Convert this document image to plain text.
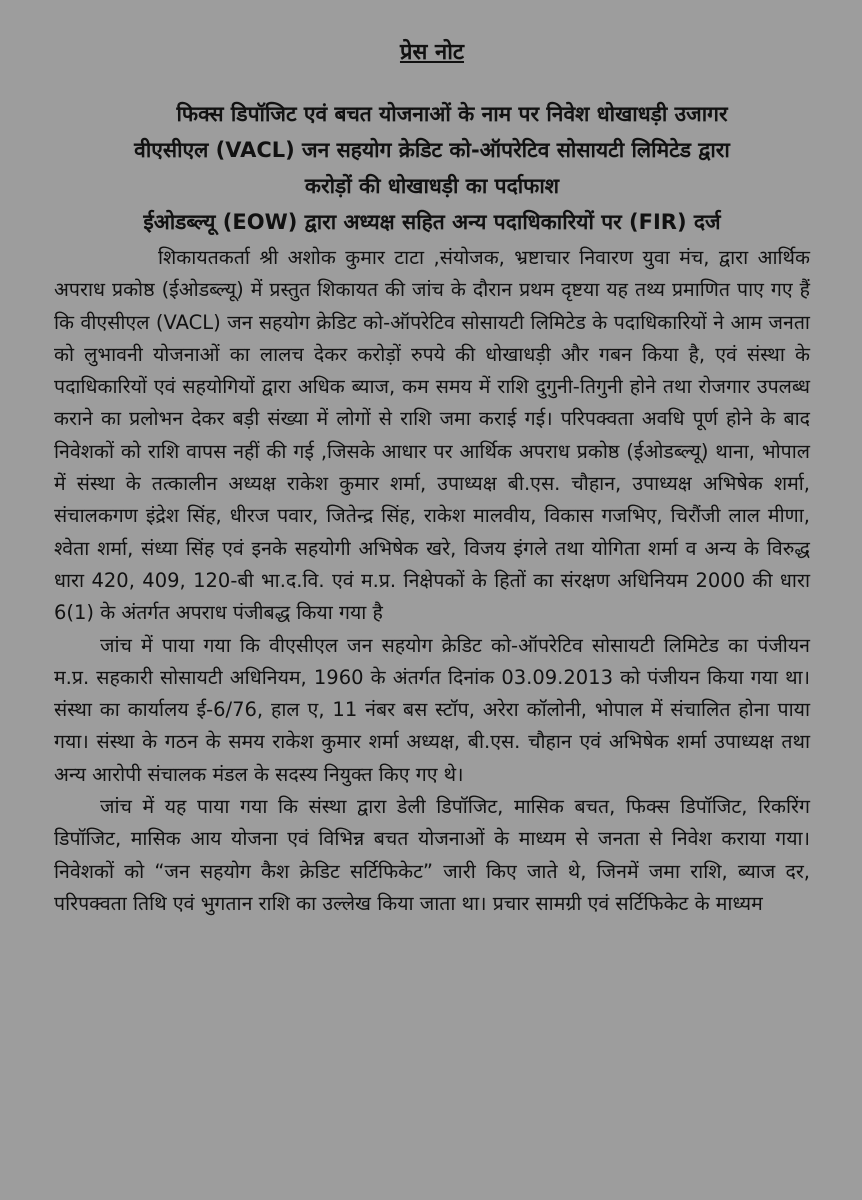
प्रेस नोट

फिक्स डिपॉजिट एवं बचत योजनाओं के नाम पर निवेश धोखाधड़ी उजागर

वीएसीएल (VACL) जन सहयोग क्रेडिट को-ऑपरेटिव सोसायटी लिमिटेड द्वारा

करोड़ों की धोखाधड़ी का पर्दाफाश

ईओडब्ल्यू (EOW) द्वारा अध्यक्ष सहित अन्य पदाधिकारियों पर (FIR) दर्ज

शिकायतकर्ता श्री अशोक कुमार टाटा ,संयोजक, भ्रष्टाचार निवारण युवा मंच, द्वारा आर्थिक अपराध प्रकोष्ठ (ईओडब्ल्यू) में प्रस्तुत शिकायत की जांच के दौरान प्रथम दृष्टया यह तथ्य प्रमाणित पाए गए हैं कि वीएसीएल (VACL) जन सहयोग क्रेडिट को-ऑपरेटिव सोसायटी लिमिटेड के पदाधिकारियों ने आम जनता को लुभावनी योजनाओं का लालच देकर करोड़ों रुपये की धोखाधड़ी और गबन किया है, एवं संस्था के पदाधिकारियों एवं सहयोगियों द्वारा अधिक ब्याज, कम समय में राशि दुगुनी-तिगुनी होने तथा रोजगार उपलब्ध कराने का प्रलोभन देकर बड़ी संख्या में लोगों से राशि जमा कराई गई। परिपक्वता अवधि पूर्ण होने के बाद निवेशकों को राशि वापस नहीं की गई ,जिसके आधार पर आर्थिक अपराध प्रकोष्ठ (ईओडब्ल्यू) थाना, भोपाल में संस्था के तत्कालीन अध्यक्ष राकेश कुमार शर्मा, उपाध्यक्ष बी.एस. चौहान, उपाध्यक्ष अभिषेक शर्मा, संचालकगण इंद्रेश सिंह, धीरज पवार, जितेन्द्र सिंह, राकेश मालवीय, विकास गजभिए, चिरौंजी लाल मीणा, श्वेता शर्मा, संध्या सिंह एवं इनके सहयोगी अभिषेक खरे, विजय इंगले तथा योगिता शर्मा व अन्य के विरुद्ध धारा 420, 409, 120-बी भा.द.वि. एवं म.प्र. निक्षेपकों के हितों का संरक्षण अधिनियम 2000 की धारा 6(1) के अंतर्गत अपराध पंजीबद्ध किया गया है

जांच में पाया गया कि वीएसीएल जन सहयोग क्रेडिट को-ऑपरेटिव सोसायटी लिमिटेड का पंजीयन म.प्र. सहकारी सोसायटी अधिनियम, 1960 के अंतर्गत दिनांक 03.09.2013 को पंजीयन किया गया था। संस्था का कार्यालय ई-6/76, हाल ए, 11 नंबर बस स्टॉप, अरेरा कॉलोनी, भोपाल में संचालित होना पाया गया। संस्था के गठन के समय राकेश कुमार शर्मा अध्यक्ष, बी.एस. चौहान एवं अभिषेक शर्मा उपाध्यक्ष तथा अन्य आरोपी संचालक मंडल के सदस्य नियुक्त किए गए थे।

जांच में यह पाया गया कि संस्था द्वारा डेली डिपॉजिट, मासिक बचत, फिक्स डिपॉजिट, रिकरिंग डिपॉजिट, मासिक आय योजना एवं विभिन्न बचत योजनाओं के माध्यम से जनता से निवेश कराया गया। निवेशकों को “जन सहयोग कैश क्रेडिट सर्टिफिकेट” जारी किए जाते थे, जिनमें जमा राशि, ब्याज दर, परिपक्वता तिथि एवं भुगतान राशि का उल्लेख किया जाता था। प्रचार सामग्री एवं सर्टिफिकेट के माध्यम
